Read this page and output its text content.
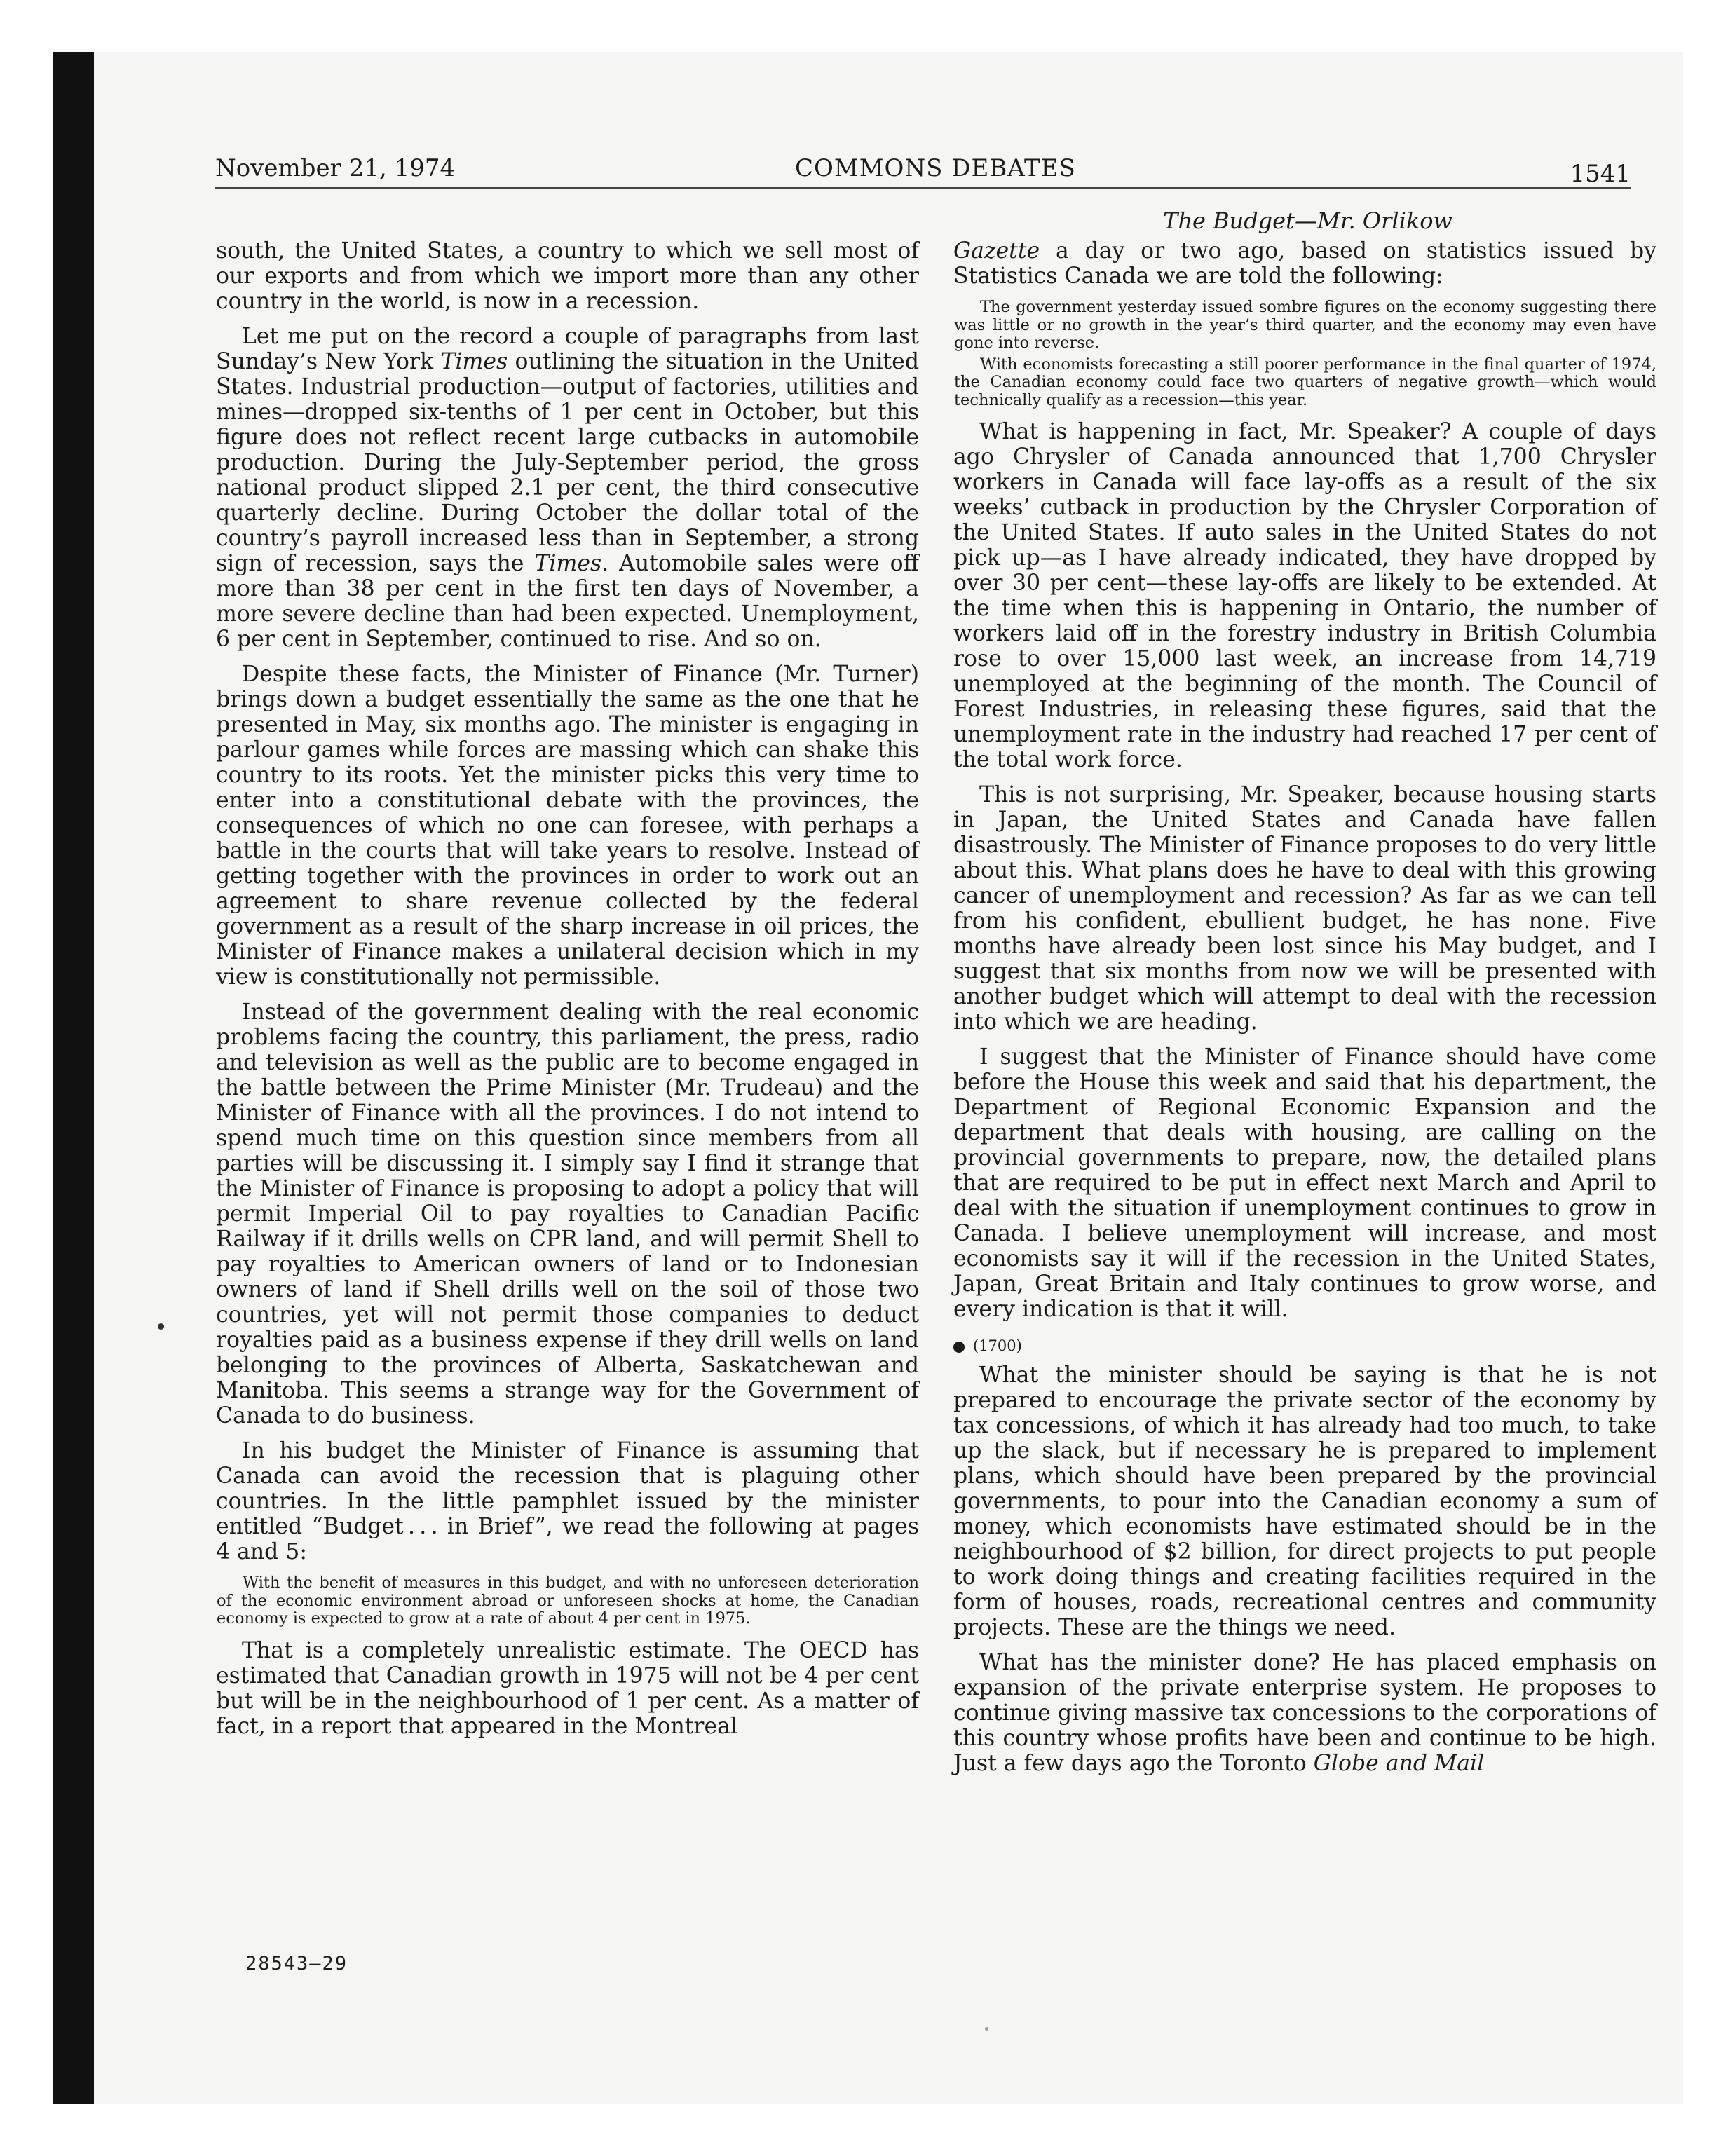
November 21, 1974	COMMONS DEBATES	1541
The Budget—Mr. Orlikow

south, the United States, a country to which we sell most of our exports and from which we import more than any other country in the world, is now in a recession.

Let me put on the record a couple of paragraphs from last Sunday’s New York Times outlining the situation in the United States. Industrial production—output of factories, utilities and mines—dropped six-tenths of 1 per cent in October, but this figure does not reflect recent large cutbacks in automobile production. During the July-September period, the gross national product slipped 2.1 per cent, the third consecutive quarterly decline. During October the dollar total of the country’s payroll increased less than in September, a strong sign of recession, says the Times. Automobile sales were off more than 38 per cent in the first ten days of November, a more severe decline than had been expected. Unemployment, 6 per cent in September, continued to rise. And so on.

Despite these facts, the Minister of Finance (Mr. Turner) brings down a budget essentially the same as the one that he presented in May, six months ago. The minister is engaging in parlour games while forces are massing which can shake this country to its roots. Yet the minister picks this very time to enter into a constitutional debate with the provinces, the consequences of which no one can foresee, with perhaps a battle in the courts that will take years to resolve. Instead of getting together with the provinces in order to work out an agreement to share revenue collected by the federal government as a result of the sharp increase in oil prices, the Minister of Finance makes a unilateral decision which in my view is constitutionally not permissible.

Instead of the government dealing with the real economic problems facing the country, this parliament, the press, radio and television as well as the public are to become engaged in the battle between the Prime Minister (Mr. Trudeau) and the Minister of Finance with all the provinces. I do not intend to spend much time on this question since members from all parties will be discussing it. I simply say I find it strange that the Minister of Finance is proposing to adopt a policy that will permit Imperial Oil to pay royalties to Canadian Pacific Railway if it drills wells on CPR land, and will permit Shell to pay royalties to American owners of land or to Indonesian owners of land if Shell drills well on the soil of those two countries, yet will not permit those companies to deduct royalties paid as a business expense if they drill wells on land belonging to the provinces of Alberta, Saskatchewan and Manitoba. This seems a strange way for the Government of Canada to do business.

In his budget the Minister of Finance is assuming that Canada can avoid the recession that is plaguing other countries. In the little pamphlet issued by the minister entitled “Budget . . . in Brief”, we read the following at pages 4 and 5:

With the benefit of measures in this budget, and with no unforeseen deterioration of the economic environment abroad or unforeseen shocks at home, the Canadian economy is expected to grow at a rate of about 4 per cent in 1975.

That is a completely unrealistic estimate. The OECD has estimated that Canadian growth in 1975 will not be 4 per cent but will be in the neighbourhood of 1 per cent. As a matter of fact, in a report that appeared in the Montreal

Gazette a day or two ago, based on statistics issued by Statistics Canada we are told the following:

The government yesterday issued sombre figures on the economy suggesting there was little or no growth in the year’s third quarter, and the economy may even have gone into reverse.
With economists forecasting a still poorer performance in the final quarter of 1974, the Canadian economy could face two quarters of negative growth—which would technically qualify as a recession—this year.

What is happening in fact, Mr. Speaker? A couple of days ago Chrysler of Canada announced that 1,700 Chrysler workers in Canada will face lay-offs as a result of the six weeks’ cutback in production by the Chrysler Corporation of the United States. If auto sales in the United States do not pick up—as I have already indicated, they have dropped by over 30 per cent—these lay-offs are likely to be extended. At the time when this is happening in Ontario, the number of workers laid off in the forestry industry in British Columbia rose to over 15,000 last week, an increase from 14,719 unemployed at the beginning of the month. The Council of Forest Industries, in releasing these figures, said that the unemployment rate in the industry had reached 17 per cent of the total work force.

This is not surprising, Mr. Speaker, because housing starts in Japan, the United States and Canada have fallen disastrously. The Minister of Finance proposes to do very little about this. What plans does he have to deal with this growing cancer of unemployment and recession? As far as we can tell from his confident, ebullient budget, he has none. Five months have already been lost since his May budget, and I suggest that six months from now we will be presented with another budget which will attempt to deal with the recession into which we are heading.

I suggest that the Minister of Finance should have come before the House this week and said that his department, the Department of Regional Economic Expansion and the department that deals with housing, are calling on the provincial governments to prepare, now, the detailed plans that are required to be put in effect next March and April to deal with the situation if unemployment continues to grow in Canada. I believe unemployment will increase, and most economists say it will if the recession in the United States, Japan, Great Britain and Italy continues to grow worse, and every indication is that it will.

(1700)

What the minister should be saying is that he is not prepared to encourage the private sector of the economy by tax concessions, of which it has already had too much, to take up the slack, but if necessary he is prepared to implement plans, which should have been prepared by the provincial governments, to pour into the Canadian economy a sum of money, which economists have estimated should be in the neighbourhood of $2 billion, for direct projects to put people to work doing things and creating facilities required in the form of houses, roads, recreational centres and community projects. These are the things we need.

What has the minister done? He has placed emphasis on expansion of the private enterprise system. He proposes to continue giving massive tax concessions to the corporations of this country whose profits have been and continue to be high. Just a few days ago the Toronto Globe and Mail

28543—29
